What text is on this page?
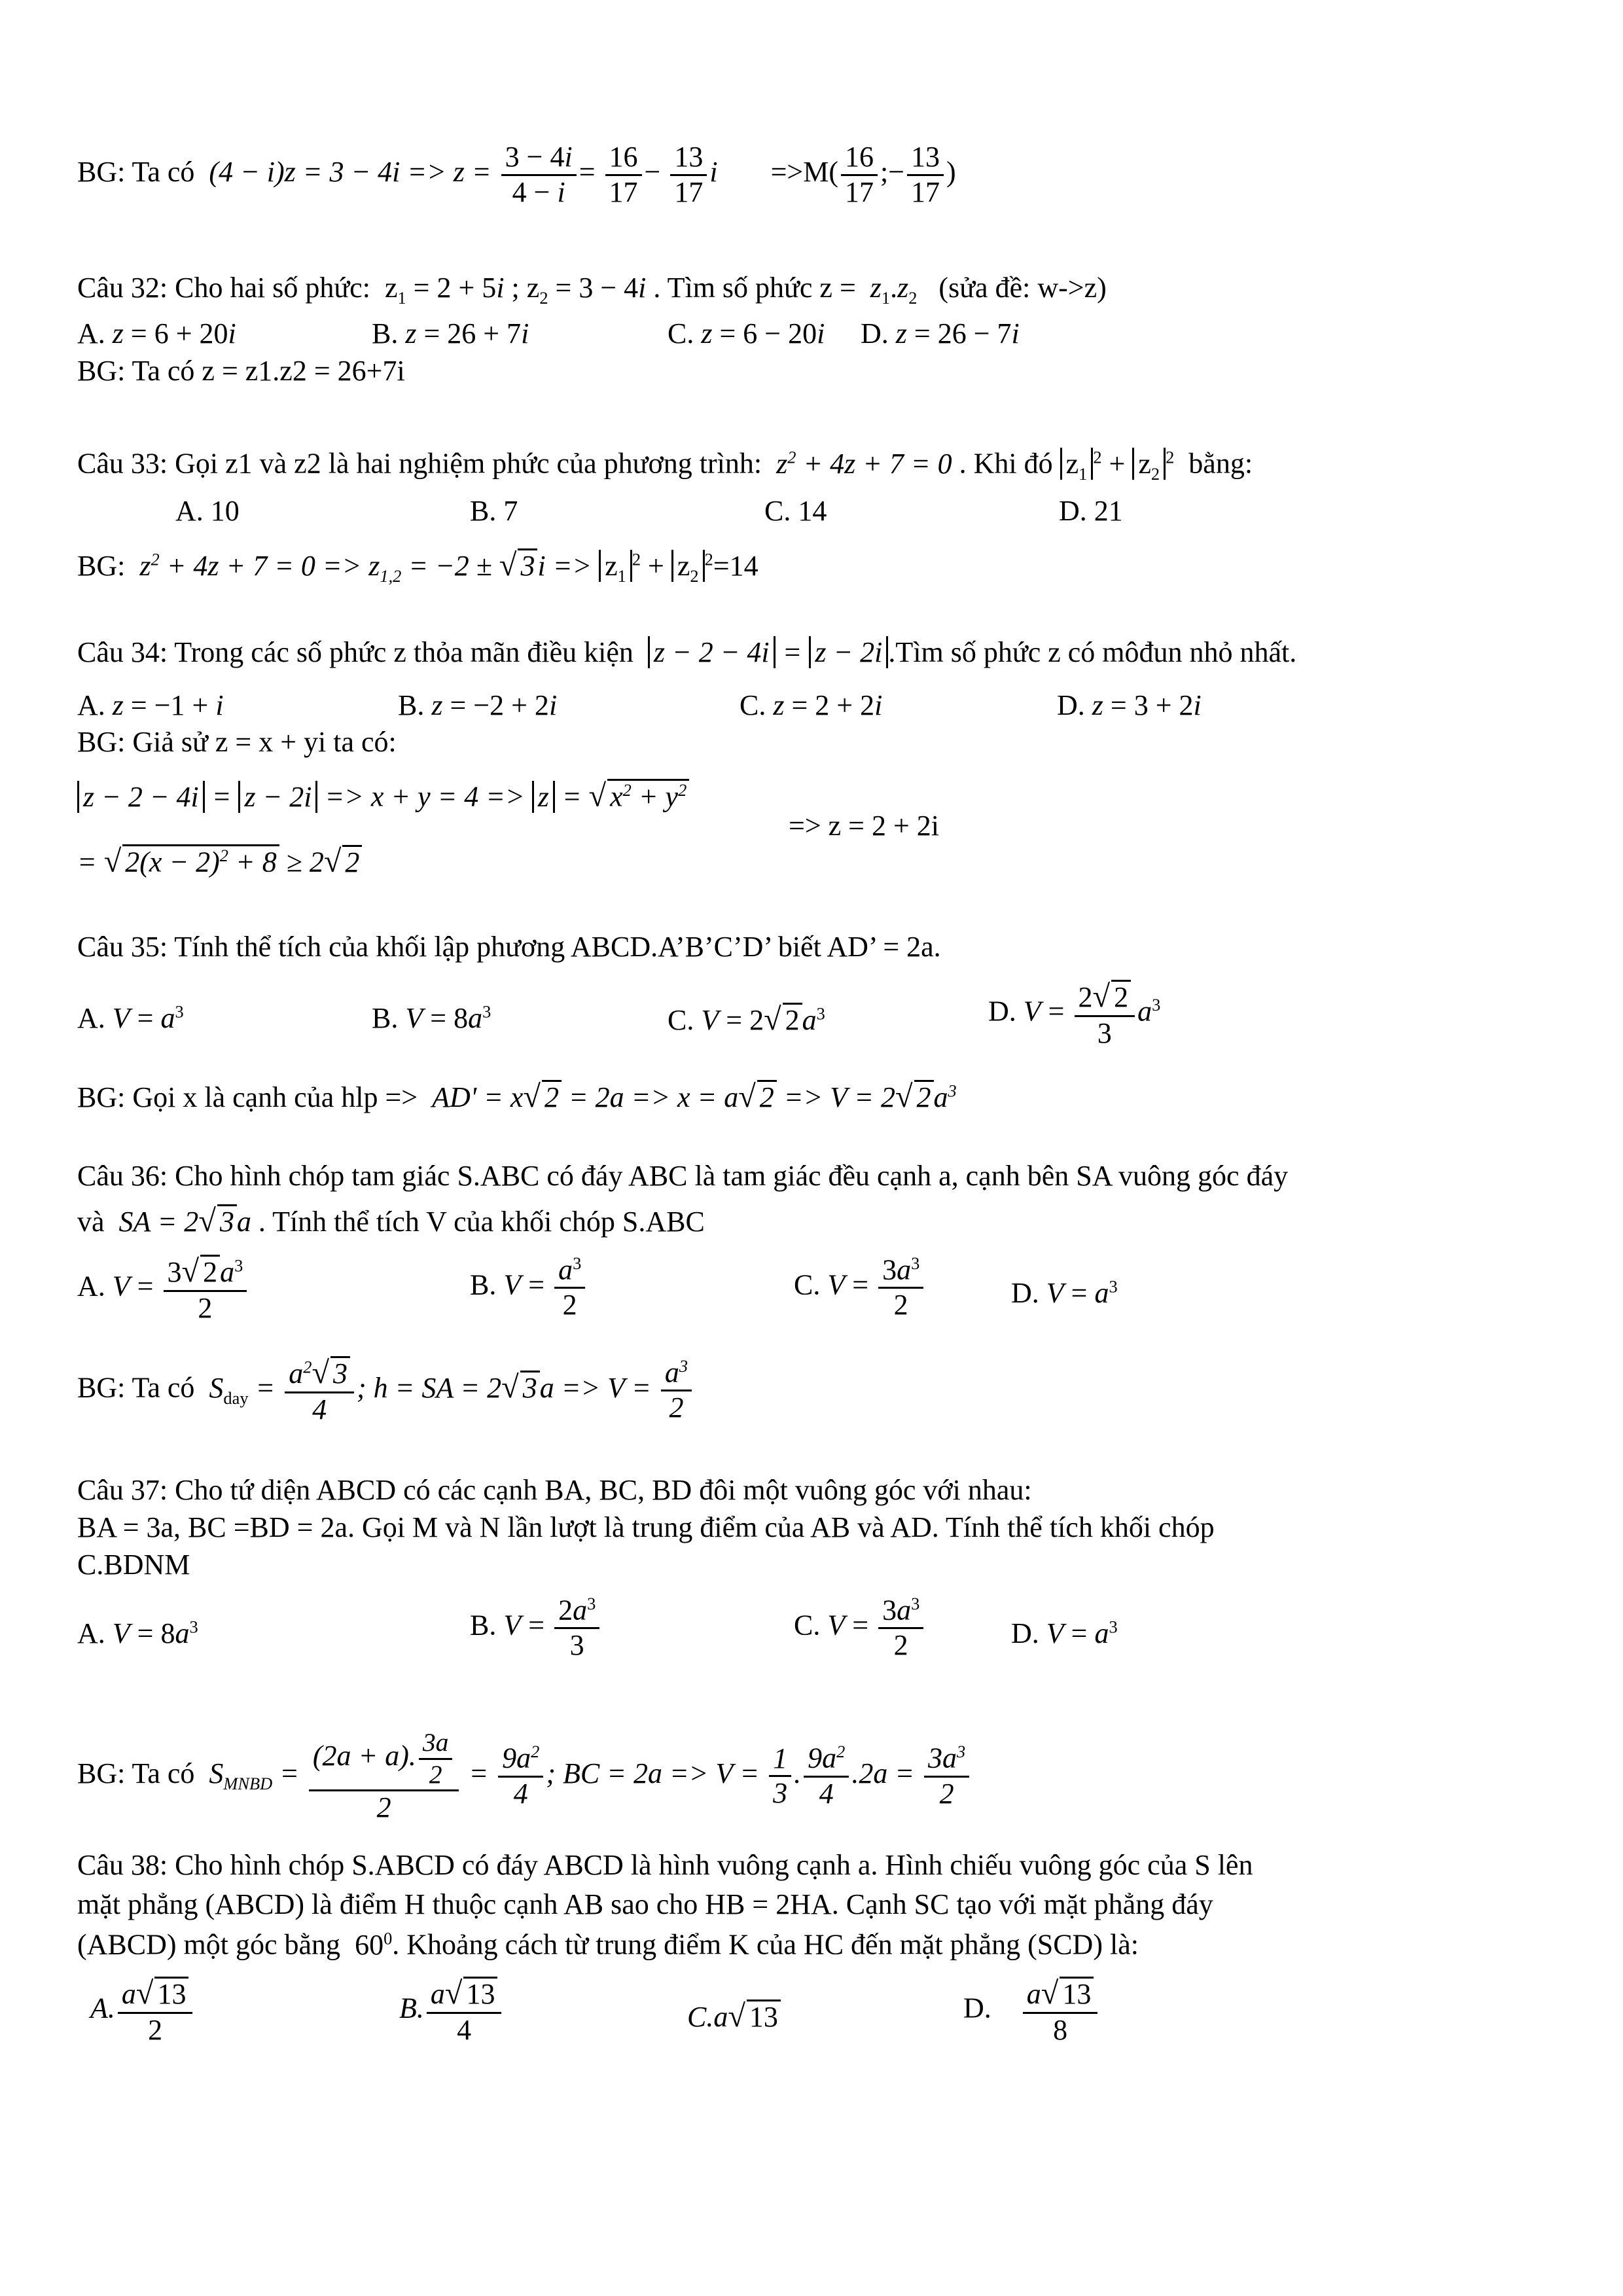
BG: Ta có  $(4 - i)z = 3 - 4i => z = \frac{3 - 4i}{4 - i} = \frac{16}{17} - \frac{13}{17}$ $i =>M( \frac{16}{17}$ ;− $\frac{13}{17}$ )
Câu 32: Cho hai số phức:  $z_1 = 2 + 5i$ ; $z_2 = 3 - 4i$ . Tìm số phức $z = z_1.z_2$ (sửa đề: w->z)
A. z = 6 + 20i	B. z = 26 + 7i	C. z = 6 − 20i D. z = 26 − 7i
BG: Ta có z = z1.z2 = 26+7i
Câu 33: Gọi z1 và z2 là hai nghiệm phức của phương trình:  $z^2 + 4z + 7 = 0$ . Khi đó $z_1^2 + z_2^2$ bằng:
A. 10	B. 7	C. 14	D. 21
BG:  $z^2 + 4z + 7 = 0 => z_{1,2} = -2$ ± √ $3i => z_1^2 + z_2^2=14$
Câu 34: Trong các số phức z thỏa mãn điều kiện z − 2 − 4i = z − 2i .Tìm số phức z có môđun nhỏ nhất.
A. z = −1 + i	B. z = −2 + 2i	C. z = 2 + 2i	D. z = 3 + 2i
BG: Giả sử z = x + yi ta có:
z − 2 − 4i = z − 2i => x + y = 4 => z = √ $x^2 + y^2$
=> z = 2 + 2i
= √ $2(x - 2)^2 + 8 \ge 2√$ 2
Câu 35: Tính thể tích của khối lập phương ABCD.A’B’C’D’ biết AD’ = 2a.
A. $V = a^3$	B. $V = 8a^3$	C. V = 2√ $2a^3$	D. $V = \frac{2√ 2}{3} a^3$
BG: Gọi x là cạnh của hlp =>  AD' = x√ 2 = 2a => x = a√ 2 => V = 2√ $2a^3$
Câu 36: Cho hình chóp tam giác S.ABC có đáy ABC là tam giác đều cạnh a, cạnh bên SA vuông góc đáy
và  SA = 2√ 3a . Tính thể tích V của khối chóp S.ABC
A. $V = \frac{3√ 2a^3}{2}$	B. $V = \frac{a^3}{2}$	C. $V = \frac{3a^3}{2}$	D. $V = a^3$
BG: Ta có  $S_{day} = \frac{a^2√ 3}{4}$ ; h = SA = 2√ $3a => V = \frac{a^3}{2}$
Câu 37: Cho tứ diện ABCD có các cạnh BA, BC, BD đôi một vuông góc với nhau:
BA = 3a, BC =BD = 2a. Gọi M và N lần lượt là trung điểm của AB và AD. Tính thể tích khối chóp
C.BDNM
A. $V = 8a^3$	B. $V = \frac{2a^3}{3}$	C. $V = \frac{3a^3}{2}$	D. $V = a^3$
BG: Ta có  $S_{MNBD} = \frac{(2a + a). \frac{3a}{2}}{2} = \frac{9a^2}{4}$ ; BC = $2a => V = \frac{1}{3}$ . $\frac{9a^2}{4} .2a = \frac{3a^3}{2}$
Câu 38: Cho hình chóp S.ABCD có đáy ABCD là hình vuông cạnh a. Hình chiếu vuông góc của S lên
mặt phẳng (ABCD) là điểm H thuộc cạnh AB sao cho HB = 2HA. Cạnh SC tạo với mặt phẳng đáy
(ABCD) một góc bằng  $60^0$. Khoảng cách từ trung điểm K của HC đến mặt phẳng (SCD) là:
A. $\frac{a√ 13}{2}$	B. $\frac{a√ 13}{4}$	C.a√ 13	D. $\frac{a√ 13}{8}$
